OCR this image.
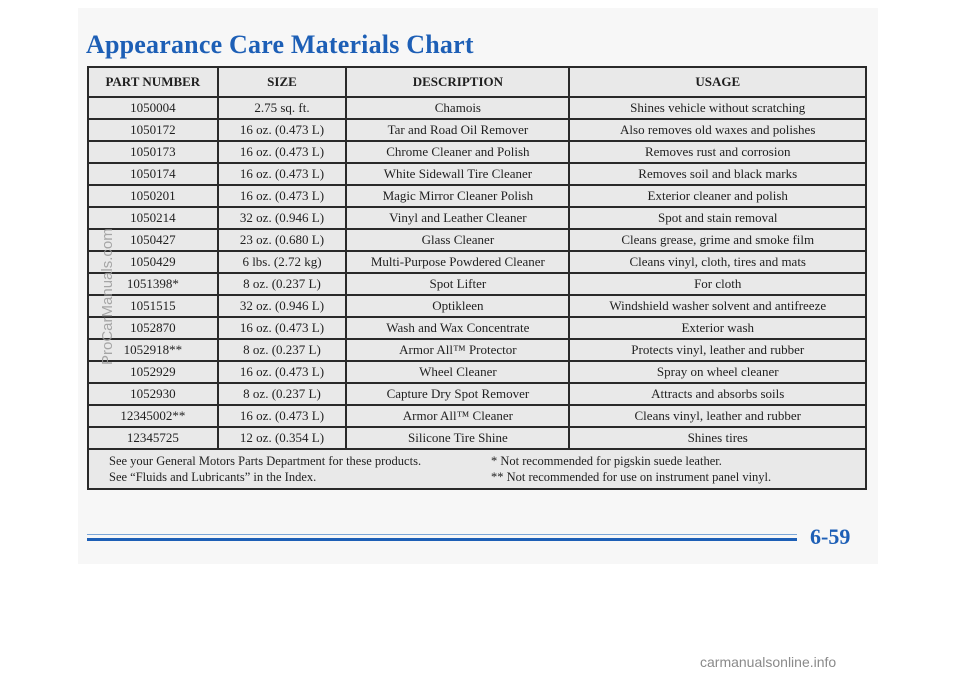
Appearance Care Materials Chart
PART NUMBER	SIZE	DESCRIPTION	USAGE
1050004	2.75 sq. ft.	Chamois	Shines vehicle without scratching
1050172	16 oz. (0.473 L)	Tar and Road Oil Remover	Also removes old waxes and polishes
1050173	16 oz. (0.473 L)	Chrome Cleaner and Polish	Removes rust and corrosion
1050174	16 oz. (0.473 L)	White Sidewall Tire Cleaner	Removes soil and black marks
1050201	16 oz. (0.473 L)	Magic Mirror Cleaner Polish	Exterior cleaner and polish
1050214	32 oz. (0.946 L)	Vinyl and Leather Cleaner	Spot and stain removal
1050427	23 oz. (0.680 L)	Glass Cleaner	Cleans grease, grime and smoke film
1050429	6 lbs. (2.72 kg)	Multi-Purpose Powdered Cleaner	Cleans vinyl, cloth, tires and mats
1051398*	8 oz. (0.237 L)	Spot Lifter	For cloth
1051515	32 oz. (0.946 L)	Optikleen	Windshield washer solvent and antifreeze
1052870	16 oz. (0.473 L)	Wash and Wax Concentrate	Exterior wash
1052918**	8 oz. (0.237 L)	Armor All™ Protector	Protects vinyl, leather and rubber
1052929	16 oz. (0.473 L)	Wheel Cleaner	Spray on wheel cleaner
1052930	8 oz. (0.237 L)	Capture Dry Spot Remover	Attracts and absorbs soils
12345002**	16 oz. (0.473 L)	Armor All™ Cleaner	Cleans vinyl, leather and rubber
12345725	12 oz. (0.354 L)	Silicone Tire Shine	Shines tires
See your General Motors Parts Department for these products.
See “Fluids and Lubricants” in the Index.
* Not recommended for pigskin suede leather.
** Not recommended for use on instrument panel vinyl.
6-59
ProCarManuals.com
carmanualsonline.info
